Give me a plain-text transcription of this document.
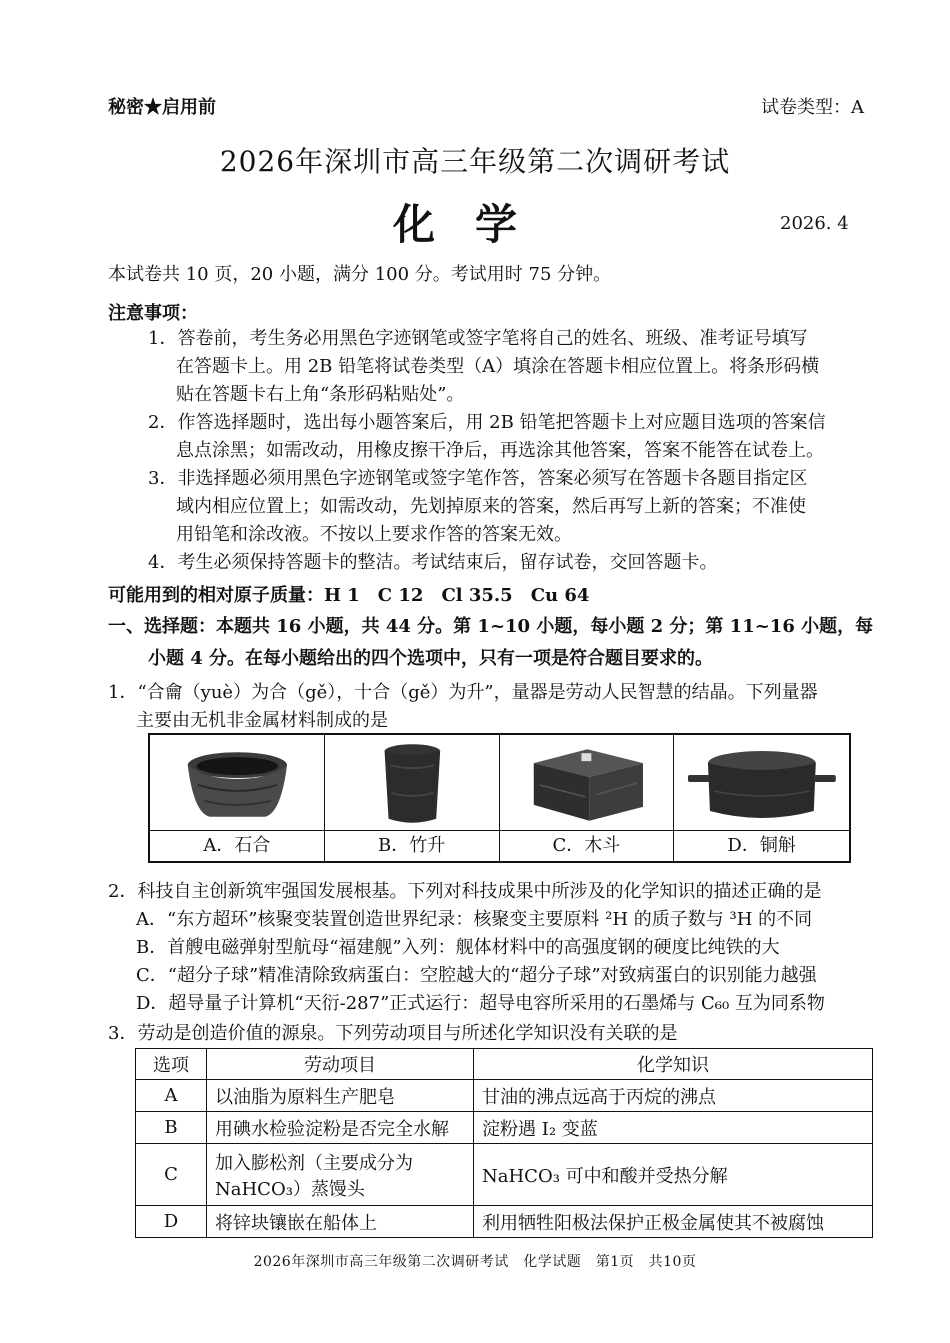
秘密★启用前	试卷类型：A
2026年深圳市高三年级第二次调研考试
化学	2026. 4
本试卷共 10 页，20 小题，满分 100 分。考试用时 75 分钟。
注意事项：
1．答卷前，考生务必用黑色字迹钢笔或签字笔将自己的姓名、班级、准考证号填写
在答题卡上。用 2B 铅笔将试卷类型（A）填涂在答题卡相应位置上。将条形码横
贴在答题卡右上角“条形码粘贴处”。
2．作答选择题时，选出每小题答案后，用 2B 铅笔把答题卡上对应题目选项的答案信
息点涂黑；如需改动，用橡皮擦干净后，再选涂其他答案，答案不能答在试卷上。
3．非选择题必须用黑色字迹钢笔或签字笔作答，答案必须写在答题卡各题目指定区
域内相应位置上；如需改动，先划掉原来的答案，然后再写上新的答案；不准使
用铅笔和涂改液。不按以上要求作答的答案无效。
4．考生必须保持答题卡的整洁。考试结束后，留存试卷，交回答题卡。
可能用到的相对原子质量：H 1　C 12　Cl 35.5　Cu 64
一、选择题：本题共 16 小题，共 44 分。第 1~10 小题，每小题 2 分；第 11~16 小题，每
小题 4 分。在每小题给出的四个选项中，只有一项是符合题目要求的。
1．“合龠（yuè）为合（gě），十合（gě）为升”，量器是劳动人民智慧的结晶。下列量器
主要由无机非金属材料制成的是
A．石合	B．竹升	C．木斗	D．铜斛
2．科技自主创新筑牢强国发展根基。下列对科技成果中所涉及的化学知识的描述正确的是
A．“东方超环”核聚变装置创造世界纪录：核聚变主要原料 ²H 的质子数与 ³H 的不同
B．首艘电磁弹射型航母“福建舰”入列：舰体材料中的高强度钢的硬度比纯铁的大
C．“超分子球”精准清除致病蛋白：空腔越大的“超分子球”对致病蛋白的识别能力越强
D．超导量子计算机“天衍-287”正式运行：超导电容所采用的石墨烯与 C₆₀ 互为同系物
3．劳动是创造价值的源泉。下列劳动项目与所述化学知识没有关联的是
选项	劳动项目	化学知识
A	以油脂为原料生产肥皂	甘油的沸点远高于丙烷的沸点
B	用碘水检验淀粉是否完全水解	淀粉遇 I₂ 变蓝
C	加入膨松剂（主要成分为
NaHCO₃）蒸馒头	NaHCO₃ 可中和酸并受热分解
D	将锌块镶嵌在船体上	利用牺牲阳极法保护正极金属使其不被腐蚀
2026年深圳市高三年级第二次调研考试　化学试题　第1页　共10页
